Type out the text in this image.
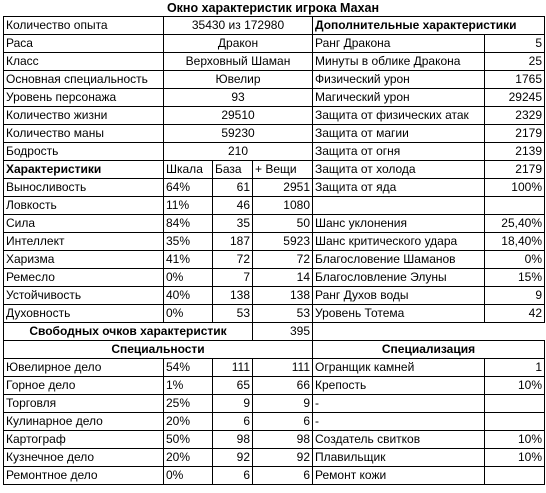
Окно характеристик игрока Махан
Количество опыта	35430 из 172980			Дополнительные характеристики	
Раса	Дракон			Ранг Дракона	5
Класс	Верховный Шаман			Минуты в облике Дракона	25
Основная специальность	Ювелир			Физический урон	1765
Уровень персонажа	93			Магический урон	29245
Количество жизни	29510			Защита от физических атак	2329
Количество маны	59230			Защита от магии	2179
Бодрость	210			Защита от огня	2139
Характеристики	Шкала	База	+ Вещи	Защита от холода	2179
Выносливость	64%	61	2951	Защита от яда	100%
Ловкость	11%	46	1080		
Сила	84%	35	50	Шанс уклонения	25,40%
Интеллект	35%	187	5923	Шанс критического удара	18,40%
Харизма	41%	72	72	Благословение Шаманов	0%
Ремесло	0%	7	14	Благословление Элуны	15%
Устойчивость	40%	138	138	Ранг Духов воды	9
Духовность	0%	53	53	Уровень Тотема	42
Свободных очков характеристик			395		
Специальности				Специализация	
Ювелирное дело	54%	111	111	Огранщик камней	1
Горное дело	1%	65	66	Крепость	10%
Торговля	25%	9	9	-	
Кулинарное дело	20%	6	6	-	
Картограф	50%	98	98	Создатель свитков	10%
Кузнечное дело	20%	92	92	Плавильщик	10%
Ремонтное дело	0%	6	6	Ремонт кожи	
